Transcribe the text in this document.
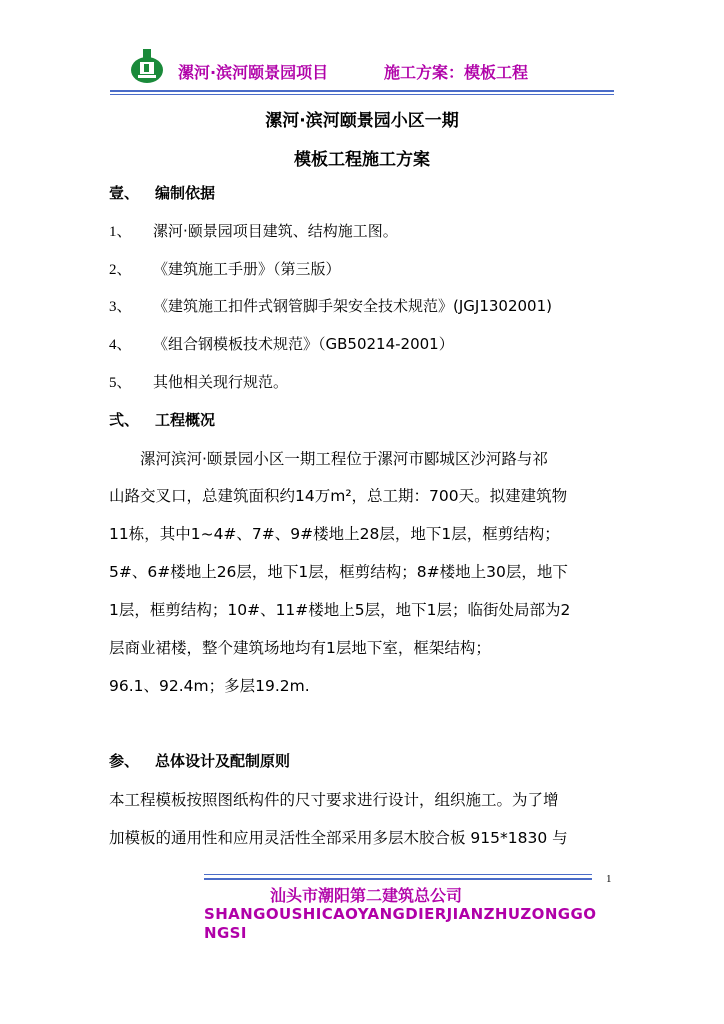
漯河·滨河颐景园项目	施工方案：模板工程
漯河·滨河颐景园小区一期
模板工程施工方案
壹、 编制依据
1、 漯河·颐景园项目建筑、结构施工图。
2、 《建筑施工手册》（第三版）
3、 《建筑施工扣件式钢管脚手架安全技术规范》(JGJ1302001)
4、 《组合钢模板技术规范》（GB50214-2001）
5、 其他相关现行规范。
弍、 工程概况
　　漯河滨河·颐景园小区一期工程位于漯河市郾城区沙河路与祁
山路交叉口，总建筑面积约14万m²，总工期：700天。拟建建筑物
11栋，其中1~4#、7#、9#楼地上28层，地下1层，框剪结构；
5#、6#楼地上26层，地下1层，框剪结构；8#楼地上30层，地下
1层，框剪结构；10#、11#楼地上5层，地下1层；临街处局部为2
层商业裙楼，整个建筑场地均有1层地下室，框架结构；
96.1、92.4m；多层19.2m.
参、 总体设计及配制原则
本工程模板按照图纸构件的尺寸要求进行设计，组织施工。为了增
加模板的通用性和应用灵活性全部采用多层木胶合板 915*1830 与
1
汕头市潮阳第二建筑总公司
SHANGOUSHICAOYANGDIERJIANZHUZONGGONGSI
